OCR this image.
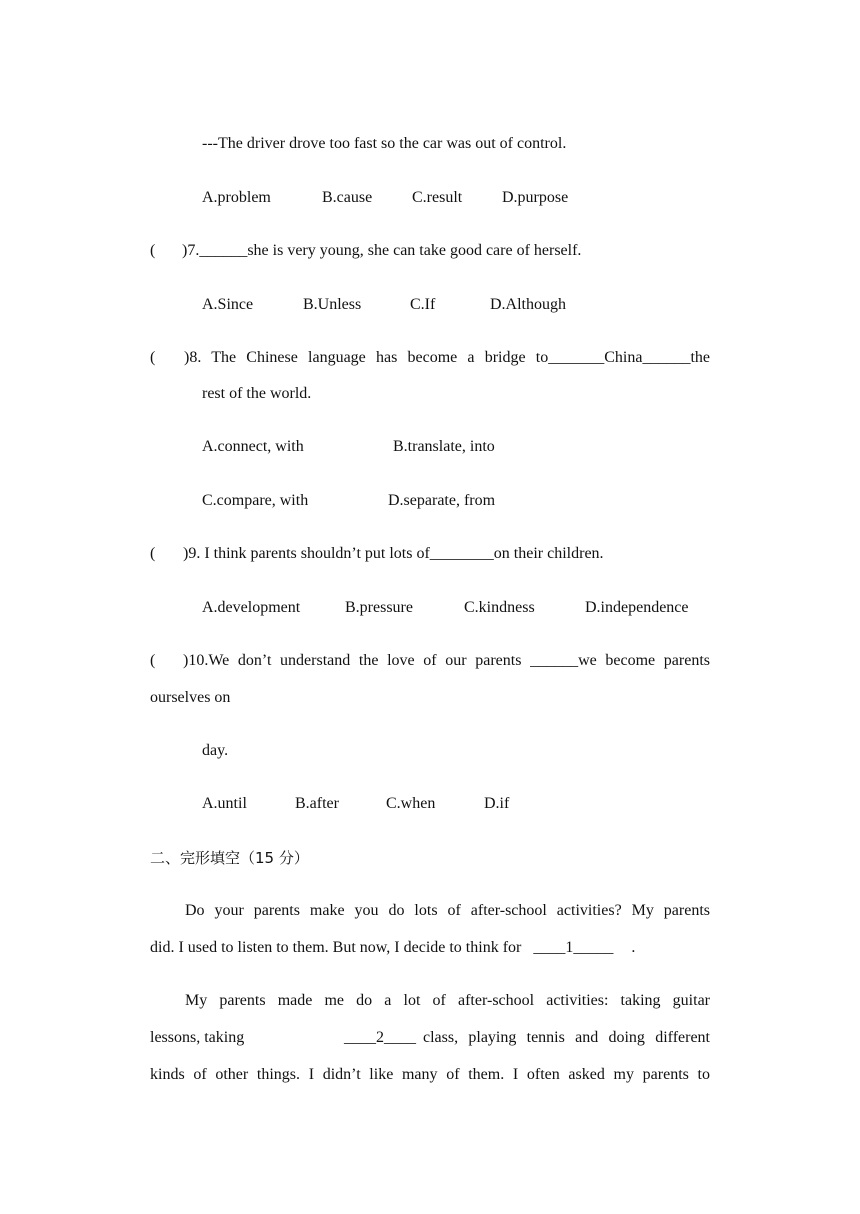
---The driver drove too fast so the car was out of control.
A.problem	B.cause C.result D.purpose
( )7.______she is very young, she can take good care of herself.
A.Since	B.Unless	C.If	D.Although
( )8. The Chinese language has become a bridge to_______China______the
rest of the world.
A.connect, with	B.translate, into
C.compare, with	D.separate, from
( )9. I think parents shouldn’t put lots of________on their children.
A.development	B.pressure	C.kindness	D.independence
( )10.We don’t understand the love of our parents ______we become parents
ourselves on
day.
A.until	B.after	C.when	D.if
二、完形填空（15 分）
Do your parents make you do lots of after-school activities? My parents
did. I used to listen to them. But now, I decide to think for ____1_____ .
My parents made me do a lot of after-school activities: taking guitar
lessons, taking	____2____ class, playing tennis and doing different
kinds of other things. I didn’t like many of them. I often asked my parents to
